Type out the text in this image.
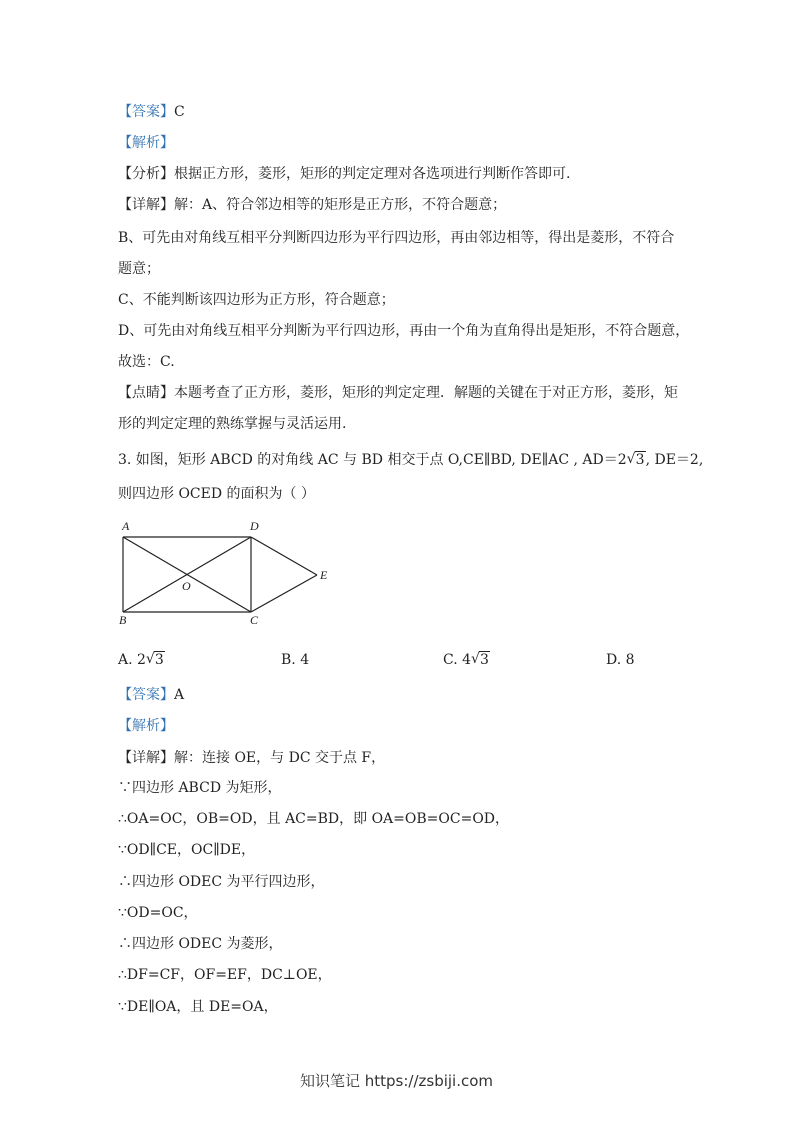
【答案】C
【解析】
【分析】根据正方形，菱形，矩形的判定定理对各选项进行判断作答即可.
【详解】解：A、符合邻边相等的矩形是正方形，不符合题意；
B、可先由对角线互相平分判断四边形为平行四边形，再由邻边相等，得出是菱形，不符合
题意；
C、不能判断该四边形为正方形，符合题意；
D、可先由对角线互相平分判断为平行四边形，再由一个角为直角得出是矩形，不符合题意，
故选：C.
【点睛】本题考查了正方形，菱形，矩形的判定定理．解题的关键在于对正方形，菱形，矩
形的判定定理的熟练掌握与灵活运用.
3. 如图，矩形 ABCD 的对角线 AC 与 BD 相交于点 O,CE∥BD, DE∥AC , AD＝2 √ 3, DE＝2,
则四边形 OCED 的面积为（ ）
A	D
O
E
B	C
A. 2 √ 3	B. 4	C. 4 √ 3	D. 8
【答案】A
【解析】
【详解】解：连接 OE，与 DC 交于点 F，
∵四边形 ABCD 为矩形，
∴OA=OC，OB=OD，且 AC=BD，即 OA=OB=OC=OD，
∵OD∥CE，OC∥DE，
∴四边形 ODEC 为平行四边形，
∵OD=OC，
∴四边形 ODEC 为菱形，
∴DF=CF，OF=EF，DC⊥OE，
∵DE∥OA，且 DE=OA，
知识笔记 https://zsbiji.com
